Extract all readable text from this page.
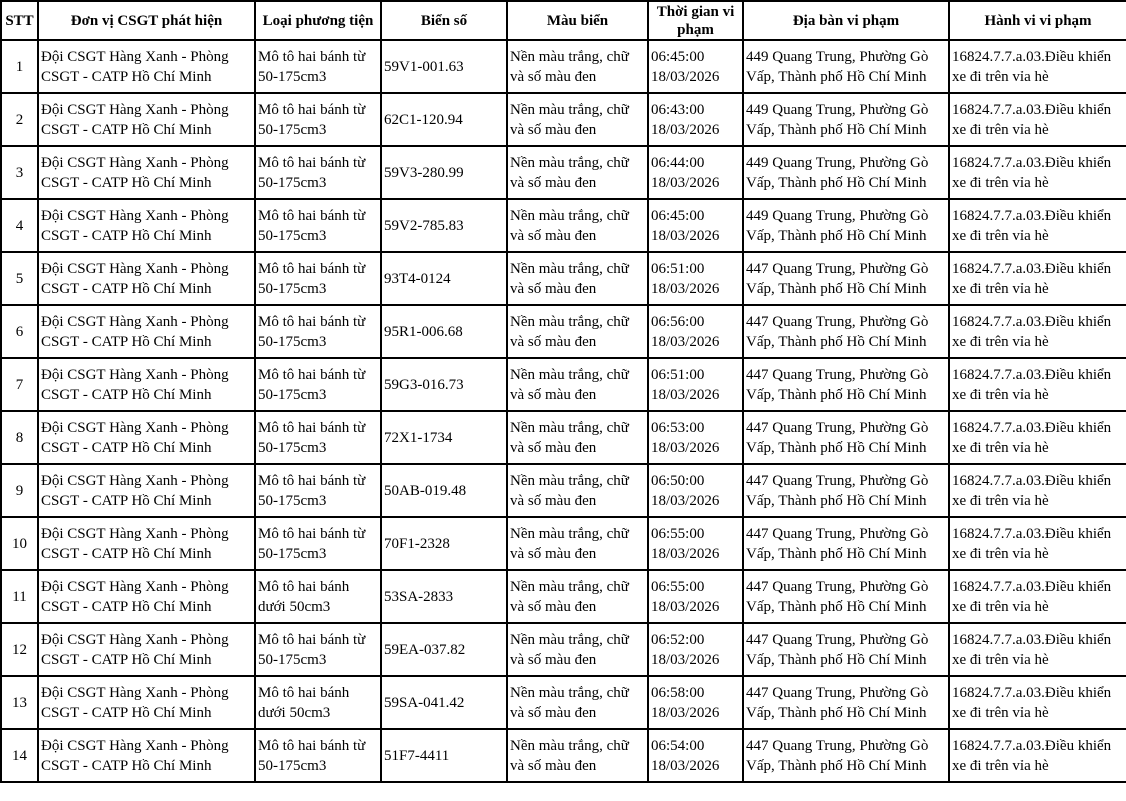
STT	Đơn vị CSGT phát hiện	Loại phương tiện	Biển số	Màu biển	Thời gian vi phạm	Địa bàn vi phạm	Hành vi vi phạm
1	Đội CSGT Hàng Xanh - Phòng
CSGT - CATP Hồ Chí Minh	Mô tô hai bánh từ
50-175cm3	59V1-001.63	Nền màu trắng, chữ
và số màu đen	06:45:00
18/03/2026	449 Quang Trung, Phường Gò
Vấp, Thành phố Hồ Chí Minh	16824.7.7.a.03.Điều khiển
xe đi trên vỉa hè

2	Đội CSGT Hàng Xanh - Phòng
CSGT - CATP Hồ Chí Minh	Mô tô hai bánh từ
50-175cm3	62C1-120.94	Nền màu trắng, chữ
và số màu đen	06:43:00
18/03/2026	449 Quang Trung, Phường Gò
Vấp, Thành phố Hồ Chí Minh	16824.7.7.a.03.Điều khiển
xe đi trên vỉa hè

3	Đội CSGT Hàng Xanh - Phòng
CSGT - CATP Hồ Chí Minh	Mô tô hai bánh từ
50-175cm3	59V3-280.99	Nền màu trắng, chữ
và số màu đen	06:44:00
18/03/2026	449 Quang Trung, Phường Gò
Vấp, Thành phố Hồ Chí Minh	16824.7.7.a.03.Điều khiển
xe đi trên vỉa hè

4	Đội CSGT Hàng Xanh - Phòng
CSGT - CATP Hồ Chí Minh	Mô tô hai bánh từ
50-175cm3	59V2-785.83	Nền màu trắng, chữ
và số màu đen	06:45:00
18/03/2026	449 Quang Trung, Phường Gò
Vấp, Thành phố Hồ Chí Minh	16824.7.7.a.03.Điều khiển
xe đi trên vỉa hè

5	Đội CSGT Hàng Xanh - Phòng
CSGT - CATP Hồ Chí Minh	Mô tô hai bánh từ
50-175cm3	93T4-0124	Nền màu trắng, chữ
và số màu đen	06:51:00
18/03/2026	447 Quang Trung, Phường Gò
Vấp, Thành phố Hồ Chí Minh	16824.7.7.a.03.Điều khiển
xe đi trên vỉa hè

6	Đội CSGT Hàng Xanh - Phòng
CSGT - CATP Hồ Chí Minh	Mô tô hai bánh từ
50-175cm3	95R1-006.68	Nền màu trắng, chữ
và số màu đen	06:56:00
18/03/2026	447 Quang Trung, Phường Gò
Vấp, Thành phố Hồ Chí Minh	16824.7.7.a.03.Điều khiển
xe đi trên vỉa hè

7	Đội CSGT Hàng Xanh - Phòng
CSGT - CATP Hồ Chí Minh	Mô tô hai bánh từ
50-175cm3	59G3-016.73	Nền màu trắng, chữ
và số màu đen	06:51:00
18/03/2026	447 Quang Trung, Phường Gò
Vấp, Thành phố Hồ Chí Minh	16824.7.7.a.03.Điều khiển
xe đi trên vỉa hè

8	Đội CSGT Hàng Xanh - Phòng
CSGT - CATP Hồ Chí Minh	Mô tô hai bánh từ
50-175cm3	72X1-1734	Nền màu trắng, chữ
và số màu đen	06:53:00
18/03/2026	447 Quang Trung, Phường Gò
Vấp, Thành phố Hồ Chí Minh	16824.7.7.a.03.Điều khiển
xe đi trên vỉa hè

9	Đội CSGT Hàng Xanh - Phòng
CSGT - CATP Hồ Chí Minh	Mô tô hai bánh từ
50-175cm3	50AB-019.48	Nền màu trắng, chữ
và số màu đen	06:50:00
18/03/2026	447 Quang Trung, Phường Gò
Vấp, Thành phố Hồ Chí Minh	16824.7.7.a.03.Điều khiển
xe đi trên vỉa hè

10	Đội CSGT Hàng Xanh - Phòng
CSGT - CATP Hồ Chí Minh	Mô tô hai bánh từ
50-175cm3	70F1-2328	Nền màu trắng, chữ
và số màu đen	06:55:00
18/03/2026	447 Quang Trung, Phường Gò
Vấp, Thành phố Hồ Chí Minh	16824.7.7.a.03.Điều khiển
xe đi trên vỉa hè

11	Đội CSGT Hàng Xanh - Phòng
CSGT - CATP Hồ Chí Minh	Mô tô hai bánh
dưới 50cm3	53SA-2833	Nền màu trắng, chữ
và số màu đen	06:55:00
18/03/2026	447 Quang Trung, Phường Gò
Vấp, Thành phố Hồ Chí Minh	16824.7.7.a.03.Điều khiển
xe đi trên vỉa hè

12	Đội CSGT Hàng Xanh - Phòng
CSGT - CATP Hồ Chí Minh	Mô tô hai bánh từ
50-175cm3	59EA-037.82	Nền màu trắng, chữ
và số màu đen	06:52:00
18/03/2026	447 Quang Trung, Phường Gò
Vấp, Thành phố Hồ Chí Minh	16824.7.7.a.03.Điều khiển
xe đi trên vỉa hè

13	Đội CSGT Hàng Xanh - Phòng
CSGT - CATP Hồ Chí Minh	Mô tô hai bánh
dưới 50cm3	59SA-041.42	Nền màu trắng, chữ
và số màu đen	06:58:00
18/03/2026	447 Quang Trung, Phường Gò
Vấp, Thành phố Hồ Chí Minh	16824.7.7.a.03.Điều khiển
xe đi trên vỉa hè

14	Đội CSGT Hàng Xanh - Phòng
CSGT - CATP Hồ Chí Minh	Mô tô hai bánh từ
50-175cm3	51F7-4411	Nền màu trắng, chữ
và số màu đen	06:54:00
18/03/2026	447 Quang Trung, Phường Gò
Vấp, Thành phố Hồ Chí Minh	16824.7.7.a.03.Điều khiển
xe đi trên vỉa hè
